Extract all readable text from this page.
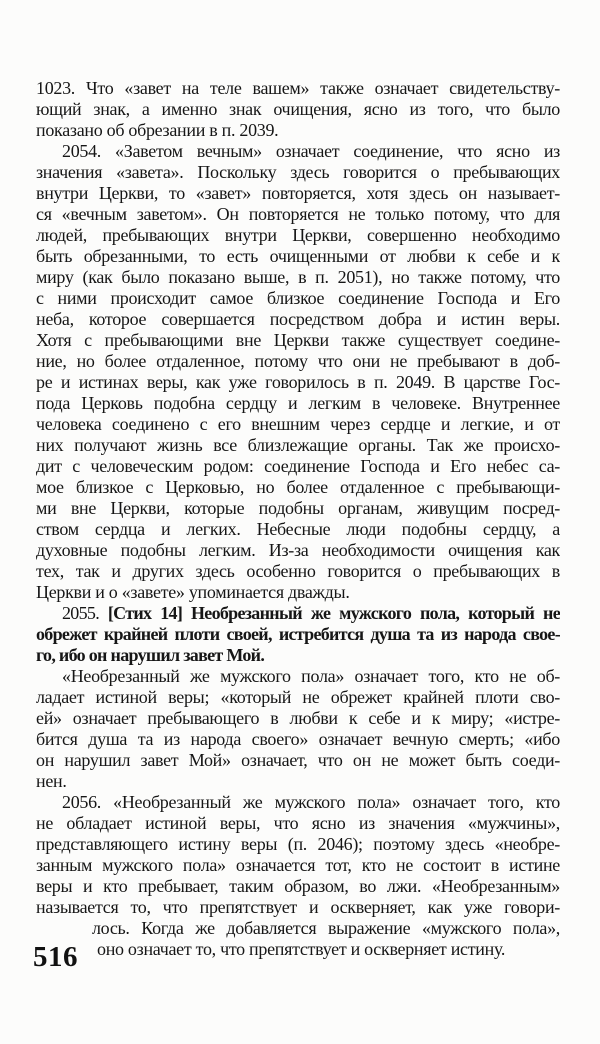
1023. Что «завет на теле вашем» также означает свидетельству-
ющий знак, а именно знак очищения, ясно из того, что было
показано об обрезании в п. 2039.
2054. «Заветом вечным» означает соединение, что ясно из
значения «завета». Поскольку здесь говорится о пребывающих
внутри Церкви, то «завет» повторяется, хотя здесь он называет-
ся «вечным заветом». Он повторяется не только потому, что для
людей, пребывающих внутри Церкви, совершенно необходимо
быть обрезанными, то есть очищенными от любви к себе и к
миру (как было показано выше, в п. 2051), но также потому, что
с ними происходит самое близкое соединение Господа и Его
неба, которое совершается посредством добра и истин веры.
Хотя с пребывающими вне Церкви также существует соедине-
ние, но более отдаленное, потому что они не пребывают в доб-
ре и истинах веры, как уже говорилось в п. 2049. В царстве Гос-
пода Церковь подобна сердцу и легким в человеке. Внутреннее
человека соединено с его внешним через сердце и легкие, и от
них получают жизнь все близлежащие органы. Так же происхо-
дит с человеческим родом: соединение Господа и Его небес са-
мое близкое с Церковью, но более отдаленное с пребывающи-
ми вне Церкви, которые подобны органам, живущим посред-
ством сердца и легких. Небесные люди подобны сердцу, а
духовные подобны легким. Из-за необходимости очищения как
тех, так и других здесь особенно говорится о пребывающих в
Церкви и о «завете» упоминается дважды.
2055. [Стих 14] Необрезанный же мужского пола, который не
обрежет крайней плоти своей, истребится душа та из народа свое-
го, ибо он нарушил завет Мой.
«Необрезанный же мужского пола» означает того, кто не об-
ладает истиной веры; «который не обрежет крайней плоти сво-
ей» означает пребывающего в любви к себе и к миру; «истре-
бится душа та из народа своего» означает вечную смерть; «ибо
он нарушил завет Мой» означает, что он не может быть соеди-
нен.
2056. «Необрезанный же мужского пола» означает того, кто
не обладает истиной веры, что ясно из значения «мужчины»,
представляющего истину веры (п. 2046); поэтому здесь «необре-
занным мужского пола» означается тот, кто не состоит в истине
веры и кто пребывает, таким образом, во лжи. «Необрезанным»
называется то, что препятствует и оскверняет, как уже говори-
лось. Когда же добавляется выражение «мужского пола»,
оно означает то, что препятствует и оскверняет истину.
516
